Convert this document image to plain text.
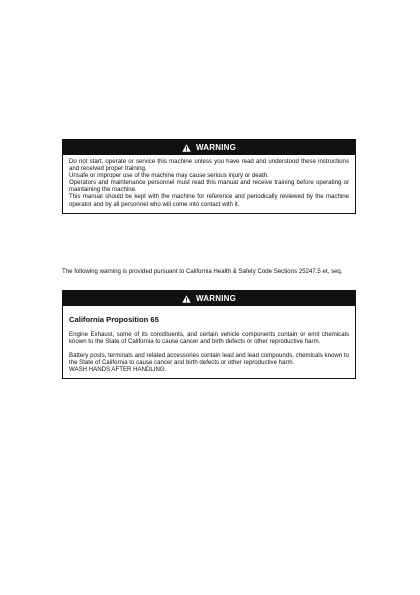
WARNING

Do not start, operate or service this machine unless you have read and understood these instructions and received proper training.

Unsafe or improper use of the machine may cause serious injury or death.

Operators and maintenance personnel must read this manual and receive training before operating or maintaining the machine.

This manual should be kept with the machine for reference and periodically reviewed by the machine operator and by all personnel who will come into contact with it.

The following warning is provided pursuant to California Health & Safety Code Sections 25247.5 et, seq.
WARNING

California Proposition 65

Engine Exhaust, some of its constituents, and certain vehicle components contain or emit chemicals known to the State of California to cause cancer and birth defects or other reproductive harm.

Battery posts, terminals and related accessories contain lead and lead compounds, chemicals known to the State of California to cause cancer and birth defects or other reproductive harm.

WASH HANDS AFTER HANDLING.
